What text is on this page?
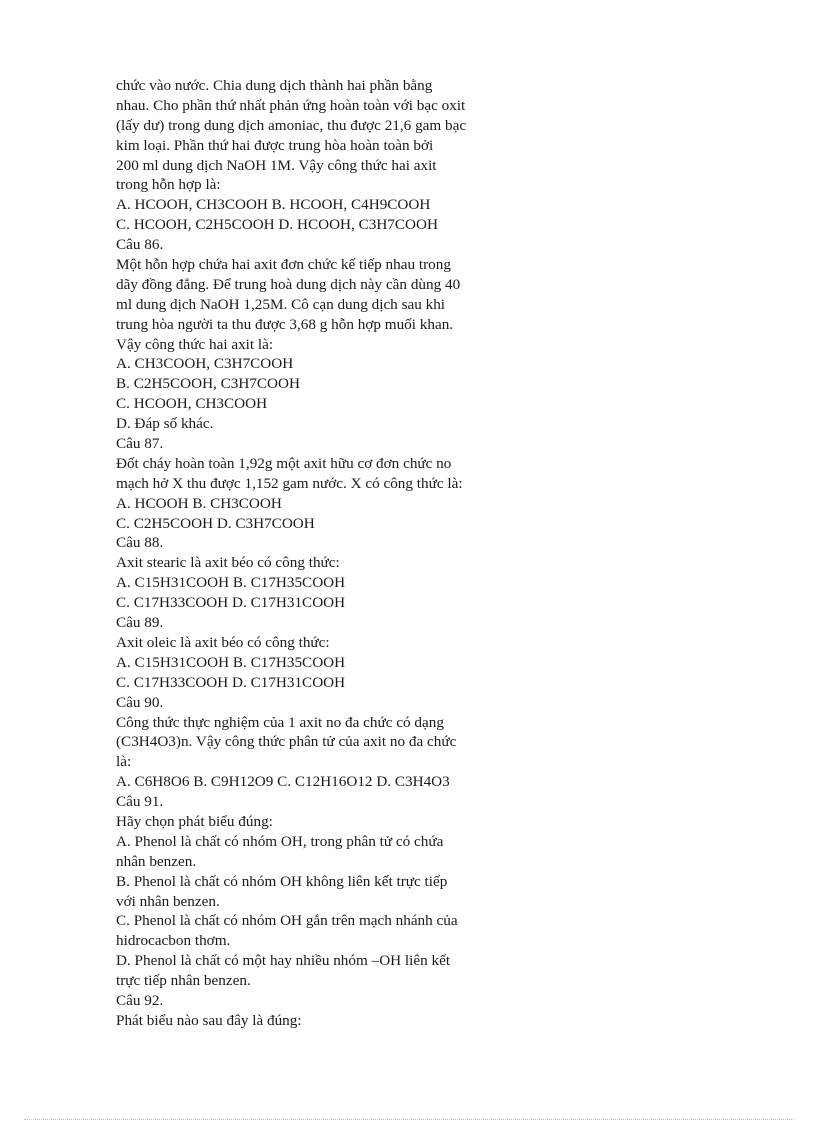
chức vào nước. Chia dung dịch thành hai phần bằng
nhau. Cho phần thứ nhất phản ứng hoàn toàn với bạc oxit
(lấy dư) trong dung dịch amoniac, thu được 21,6 gam bạc
kim loại. Phần thứ hai được trung hòa hoàn toàn bởi
200 ml dung dịch NaOH 1M. Vậy công thức hai axit
trong hỗn hợp là:
A. HCOOH, CH3COOH B. HCOOH, C4H9COOH
C. HCOOH, C2H5COOH D. HCOOH, C3H7COOH
Câu 86.
Một hỗn hợp chứa hai axit đơn chức kế tiếp nhau trong
dãy đồng đẳng. Để trung hoà dung dịch này cần dùng 40
ml dung dịch NaOH 1,25M. Cô cạn dung dịch sau khi
trung hòa người ta thu được 3,68 g hỗn hợp muối khan.
Vậy công thức hai axit là:
A. CH3COOH, C3H7COOH
B. C2H5COOH, C3H7COOH
C. HCOOH, CH3COOH
D. Đáp số khác.
Câu 87.
Đốt cháy hoàn toàn 1,92g một axit hữu cơ đơn chức no
mạch hở X thu được 1,152 gam nước. X có công thức là:
A. HCOOH B. CH3COOH
C. C2H5COOH D. C3H7COOH
Câu 88.
Axit stearic là axit béo có công thức:
A. C15H31COOH B. C17H35COOH
C. C17H33COOH D. C17H31COOH
Câu 89.
Axit oleic là axit béo có công thức:
A. C15H31COOH B. C17H35COOH
C. C17H33COOH D. C17H31COOH
Câu 90.
Công thức thực nghiệm của 1 axit no đa chức có dạng
(C3H4O3)n. Vậy công thức phân tử của axit no đa chức
là:
A. C6H8O6 B. C9H12O9 C. C12H16O12 D. C3H4O3
Câu 91.
Hãy chọn phát biểu đúng:
A. Phenol là chất có nhóm OH, trong phân tử có chứa
nhân benzen.
B. Phenol là chất có nhóm OH không liên kết trực tiếp
với nhân benzen.
C. Phenol là chất có nhóm OH gắn trên mạch nhánh của
hidrocacbon thơm.
D. Phenol là chất có một hay nhiều nhóm –OH liên kết
trực tiếp nhân benzen.
Câu 92.
Phát biểu nào sau đây là đúng:
